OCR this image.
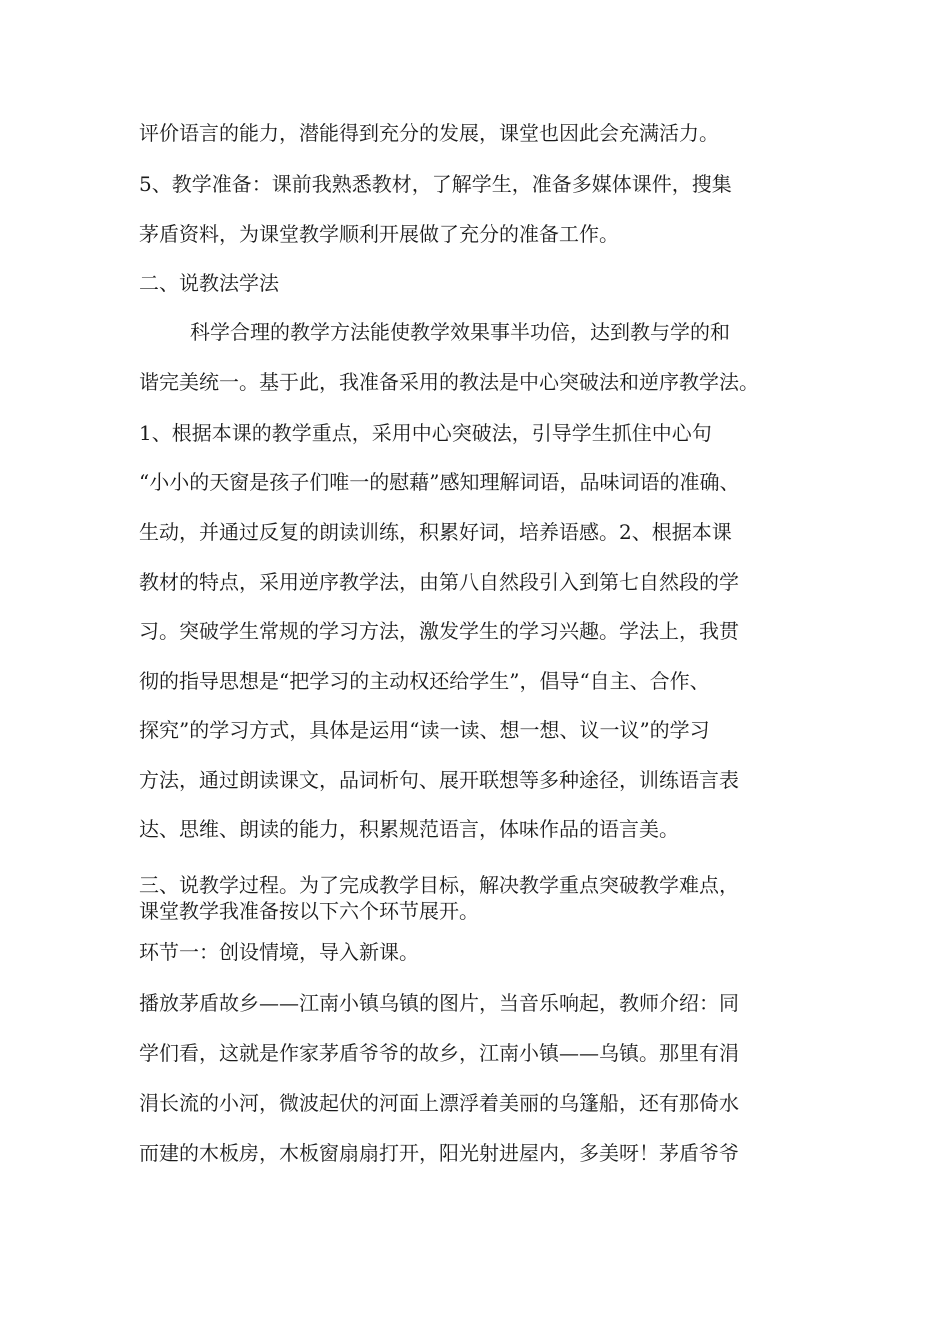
评价语言的能力，潜能得到充分的发展，课堂也因此会充满活力。

5、教学准备：课前我熟悉教材，了解学生，准备多媒体课件，搜集

茅盾资料，为课堂教学顺利开展做了充分的准备工作。

二、说教法学法

科学合理的教学方法能使教学效果事半功倍，达到教与学的和

谐完美统一。基于此，我准备采用的教法是中心突破法和逆序教学法。

1、根据本课的教学重点，采用中心突破法，引导学生抓住中心句

“小小的天窗是孩子们唯一的慰藉”感知理解词语，品味词语的准确、

生动，并通过反复的朗读训练，积累好词，培养语感。2、根据本课

教材的特点，采用逆序教学法，由第八自然段引入到第七自然段的学

习。突破学生常规的学习方法，激发学生的学习兴趣。学法上，我贯

彻的指导思想是“把学习的主动权还给学生”，倡导“自主、合作、

探究”的学习方式，具体是运用“读一读、想一想、议一议”的学习

方法，通过朗读课文，品词析句、展开联想等多种途径，训练语言表

达、思维、朗读的能力，积累规范语言，体味作品的语言美。

三、说教学过程。为了完成教学目标，解决教学重点突破教学难点，

课堂教学我准备按以下六个环节展开。

环节一：创设情境，导入新课。

播放茅盾故乡——江南小镇乌镇的图片，当音乐响起，教师介绍：同

学们看，这就是作家茅盾爷爷的故乡，江南小镇——乌镇。那里有涓

涓长流的小河，微波起伏的河面上漂浮着美丽的乌篷船，还有那倚水

而建的木板房，木板窗扇扇打开，阳光射进屋内，多美呀！茅盾爷爷
